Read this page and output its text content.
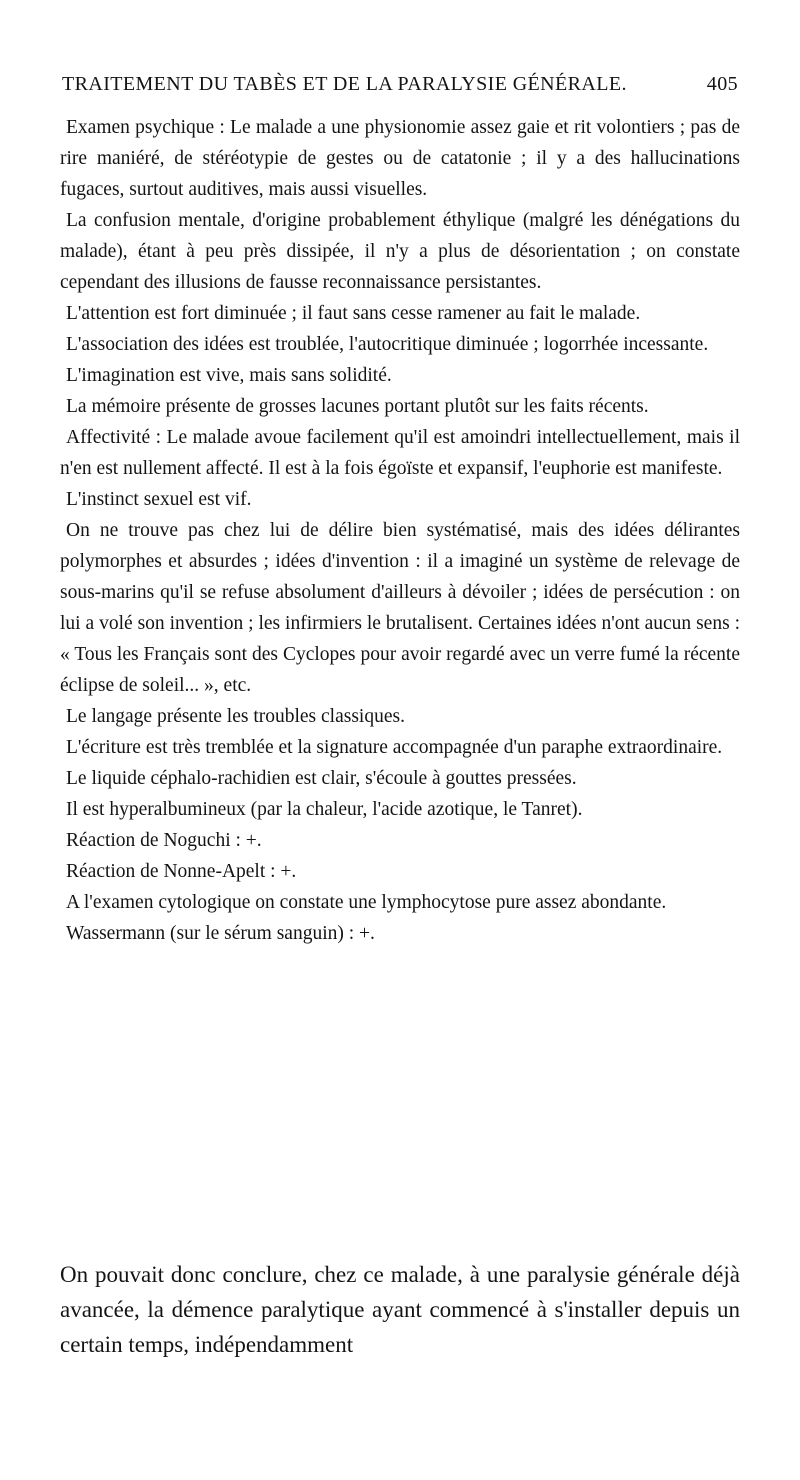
TRAITEMENT DU TABÈS ET DE LA PARALYSIE GÉNÉRALE.	405

Examen psychique : Le malade a une physionomie assez gaie et rit volontiers ; pas de rire maniéré, de stéréotypie de gestes ou de catatonie ; il y a des hallucinations fugaces, surtout auditives, mais aussi visuelles.

La confusion mentale, d'origine probablement éthylique (malgré les dénégations du malade), étant à peu près dissipée, il n'y a plus de désorientation ; on constate cependant des illusions de fausse reconnaissance persistantes.

L'attention est fort diminuée ; il faut sans cesse ramener au fait le malade.

L'association des idées est troublée, l'autocritique diminuée ; logorrhée incessante.

L'imagination est vive, mais sans solidité.

La mémoire présente de grosses lacunes portant plutôt sur les faits récents.

Affectivité : Le malade avoue facilement qu'il est amoindri intellectuellement, mais il n'en est nullement affecté. Il est à la fois égoïste et expansif, l'euphorie est manifeste.

L'instinct sexuel est vif.

On ne trouve pas chez lui de délire bien systématisé, mais des idées délirantes polymorphes et absurdes ; idées d'invention : il a imaginé un système de relevage de sous-marins qu'il se refuse absolument d'ailleurs à dévoiler ; idées de persécution : on lui a volé son invention ; les infirmiers le brutalisent. Certaines idées n'ont aucun sens : « Tous les Français sont des Cyclopes pour avoir regardé avec un verre fumé la récente éclipse de soleil... », etc.

Le langage présente les troubles classiques.

L'écriture est très tremblée et la signature accompagnée d'un paraphe extraordinaire.

Le liquide céphalo-rachidien est clair, s'écoule à gouttes pressées.

Il est hyperalbumineux (par la chaleur, l'acide azotique, le Tanret).

Réaction de Noguchi : +.

Réaction de Nonne-Apelt : +.

A l'examen cytologique on constate une lymphocytose pure assez abondante.

Wassermann (sur le sérum sanguin) : +.

On pouvait donc conclure, chez ce malade, à une paralysie générale déjà avancée, la démence paralytique ayant commencé à s'installer depuis un certain temps, indépendamment
